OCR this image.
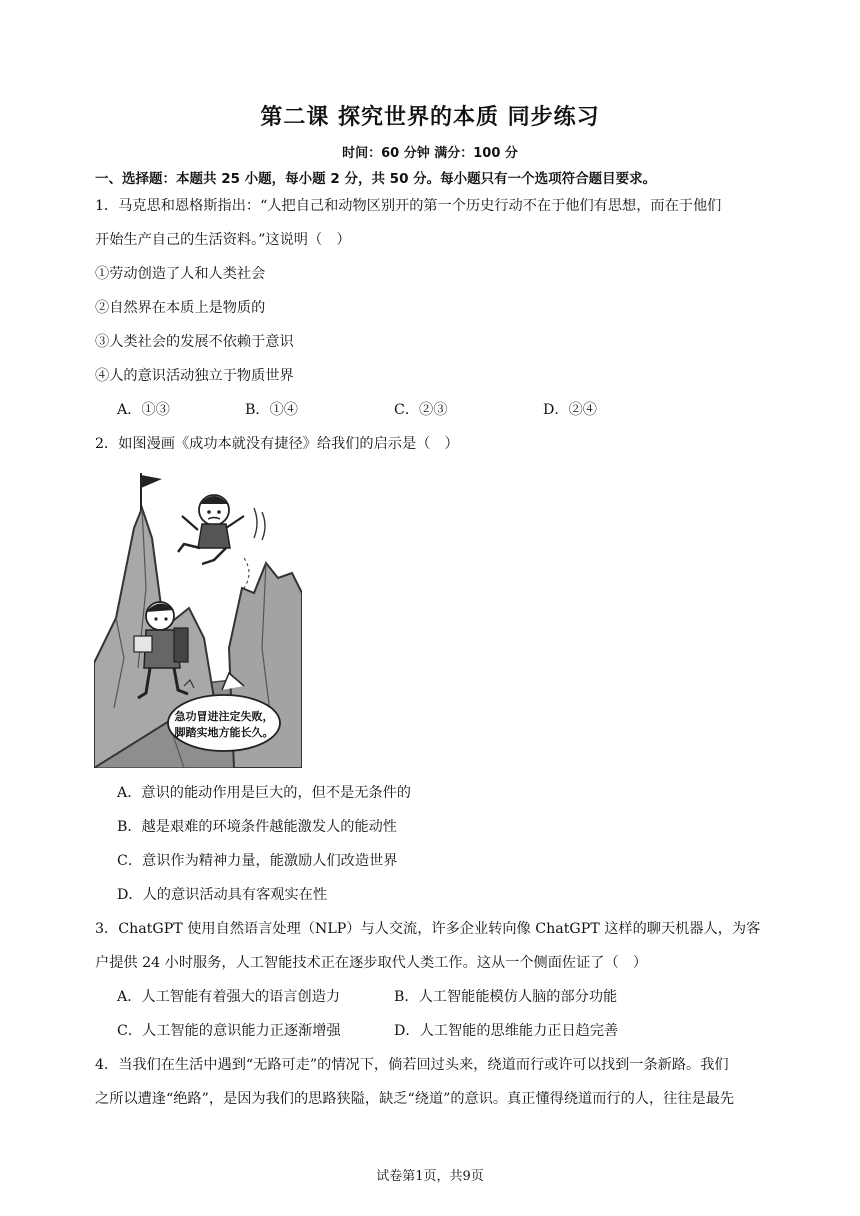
第二课 探究世界的本质 同步练习
时间：60 分钟 满分：100 分
一、选择题：本题共 25 小题，每小题 2 分，共 50 分。每小题只有一个选项符合题目要求。
1．马克思和恩格斯指出：“人把自己和动物区别开的第一个历史行动不在于他们有思想，而在于他们
开始生产自己的生活资料。”这说明（　）
①劳动创造了人和人类社会
②自然界在本质上是物质的
③人类社会的发展不依赖于意识
④人的意识活动独立于物质世界
A．①③	B．①④	C．②③	D．②④
2．如图漫画《成功本就没有捷径》给我们的启示是（　）
急功冒进注定失败，
脚踏实地方能长久。
A．意识的能动作用是巨大的，但不是无条件的
B．越是艰难的环境条件越能激发人的能动性
C．意识作为精神力量，能激励人们改造世界
D．人的意识活动具有客观实在性
3．ChatGPT 使用自然语言处理（NLP）与人交流，许多企业转向像 ChatGPT 这样的聊天机器人，为客
户提供 24 小时服务，人工智能技术正在逐步取代人类工作。这从一个侧面佐证了（　）
A．人工智能有着强大的语言创造力	B．人工智能能模仿人脑的部分功能
C．人工智能的意识能力正逐渐增强	D．人工智能的思维能力正日趋完善
4．当我们在生活中遇到“无路可走”的情况下，倘若回过头来，绕道而行或许可以找到一条新路。我们
之所以遭逢“绝路”，是因为我们的思路狭隘，缺乏“绕道”的意识。真正懂得绕道而行的人，往往是最先
试卷第1页，共9页
